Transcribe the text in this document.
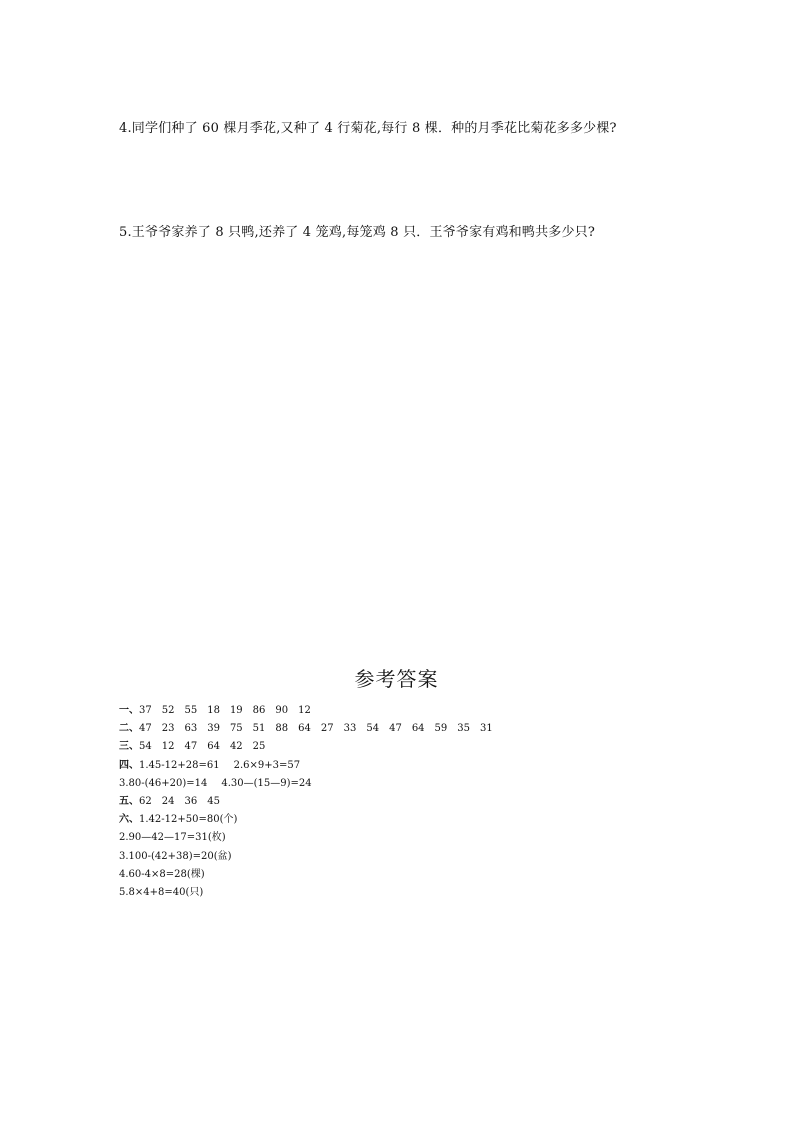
4.同学们种了 60 棵月季花,又种了 4 行菊花,每行 8 棵．种的月季花比菊花多多少棵?
5.王爷爷家养了 8 只鸭,还养了 4 笼鸡,每笼鸡 8 只．王爷爷家有鸡和鸭共多少只?
参考答案
一、37 52 55 18 19 86 90 12
二、47 23 63 39 75 51 88 64 27 33 54 47 64 59 35 31
三、54 12 47 64 42 25
四、1.45-12+28=61 2.6×9+3=57
3.80-(46+20)=14 4.30—(15—9)=24
五、62 24 36 45
六、1.42-12+50=80(个)
2.90—42—17=31(枚)
3.100-(42+38)=20(盆)
4.60-4×8=28(棵)
5.8×4+8=40(只)
